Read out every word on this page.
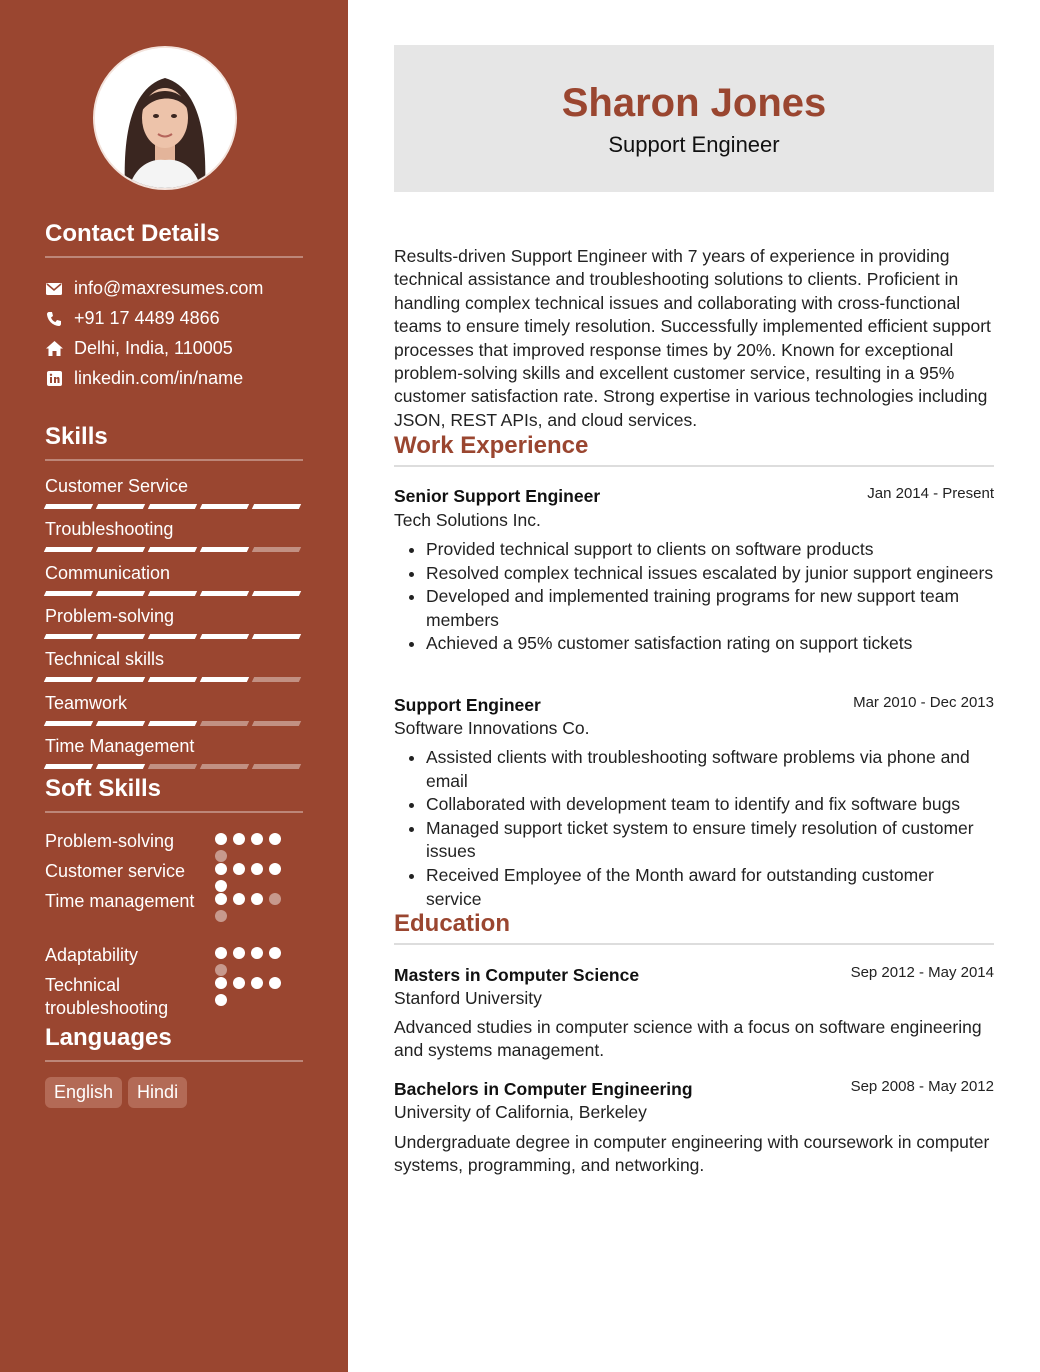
Contact Details
info@maxresumes.com
+91 17 4489 4866
Delhi, India, 110005
linkedin.com/in/name
Skills
Customer Service
Troubleshooting
Communication
Problem-solving
Technical skills
Teamwork
Time Management
Soft Skills
Problem-solving
Customer service
Time management
Adaptability
Technical troubleshooting
Languages
English	Hindi
Sharon Jones
Support Engineer
Results-driven Support Engineer with 7 years of experience in providing technical assistance and troubleshooting solutions to clients. Proficient in handling complex technical issues and collaborating with cross-functional teams to ensure timely resolution. Successfully implemented efficient support processes that improved response times by 20%. Known for exceptional problem-solving skills and excellent customer service, resulting in a 95% customer satisfaction rate. Strong expertise in various technologies including JSON, REST APIs, and cloud services.
Work Experience
Senior Support Engineer	Jan 2014 - Present
Tech Solutions Inc.
• Provided technical support to clients on software products
• Resolved complex technical issues escalated by junior support engineers
• Developed and implemented training programs for new support team members
• Achieved a 95% customer satisfaction rating on support tickets
Support Engineer	Mar 2010 - Dec 2013
Software Innovations Co.
• Assisted clients with troubleshooting software problems via phone and email
• Collaborated with development team to identify and fix software bugs
• Managed support ticket system to ensure timely resolution of customer issues
• Received Employee of the Month award for outstanding customer service
Education
Masters in Computer Science	Sep 2012 - May 2014
Stanford University
Advanced studies in computer science with a focus on software engineering and systems management.
Bachelors in Computer Engineering	Sep 2008 - May 2012
University of California, Berkeley
Undergraduate degree in computer engineering with coursework in computer systems, programming, and networking.
